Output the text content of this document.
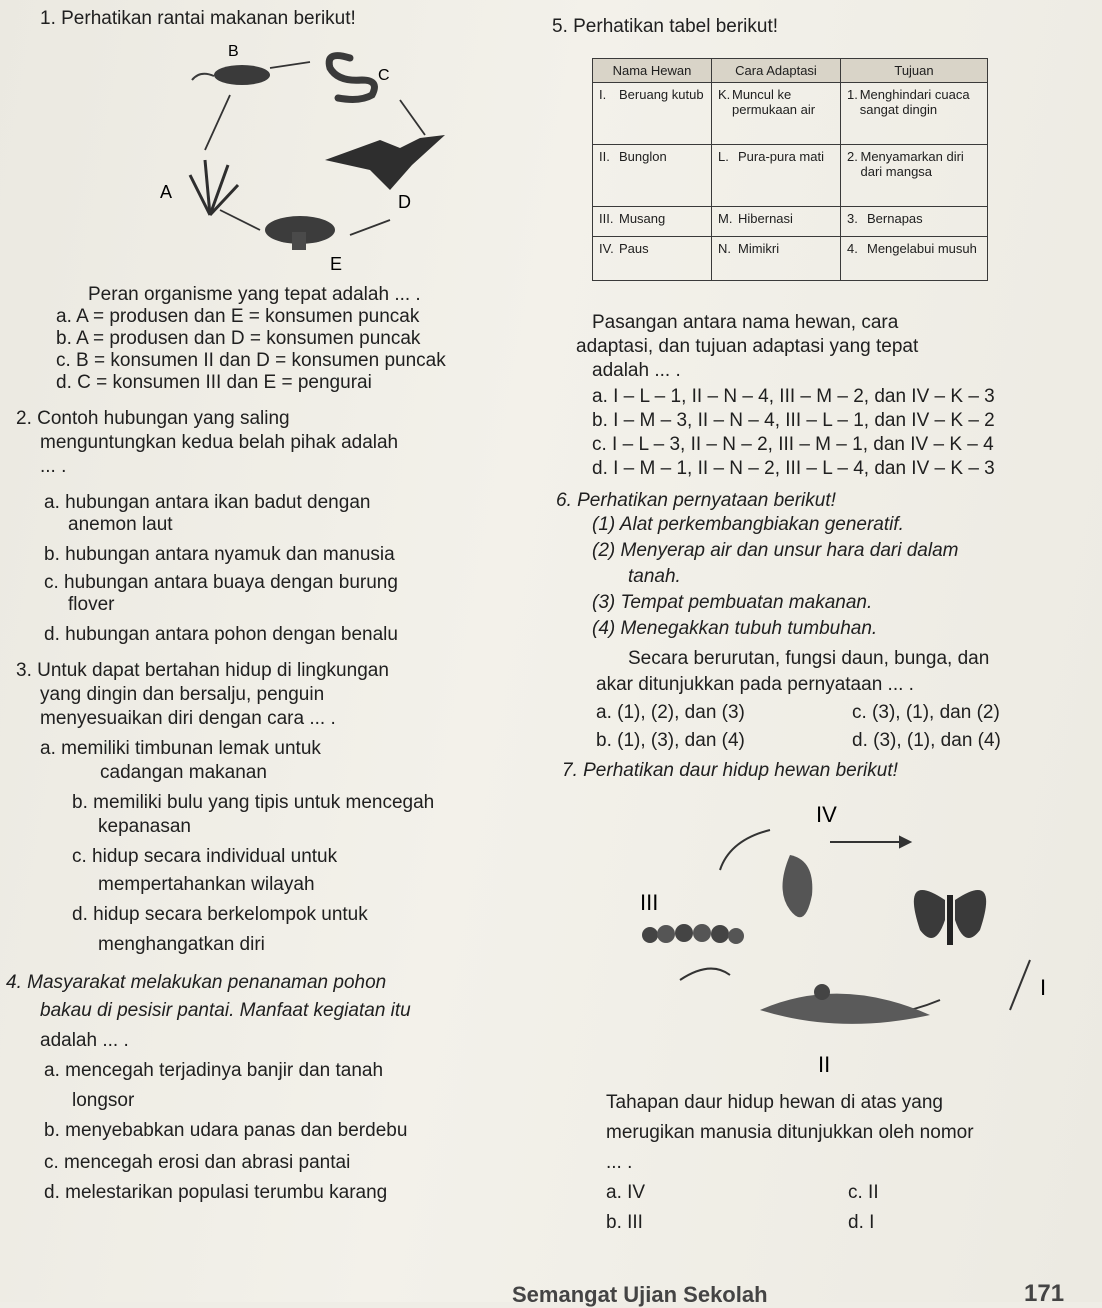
1. Perhatikan rantai makanan berikut!
B
C
A	D
E
Peran organisme yang tepat adalah ... .
a. A = produsen dan E = konsumen puncak
b. A = produsen dan D = konsumen puncak
c. B = konsumen II dan D = konsumen puncak
d. C = konsumen III dan E = pengurai
2. Contoh hubungan yang saling
menguntungkan kedua belah pihak adalah
... .
a. hubungan antara ikan badut dengan
anemon laut
b. hubungan antara nyamuk dan manusia
c. hubungan antara buaya dengan burung
flover
d. hubungan antara pohon dengan benalu
3. Untuk dapat bertahan hidup di lingkungan
yang dingin dan bersalju, penguin
menyesuaikan diri dengan cara ... .
a. memiliki timbunan lemak untuk
cadangan makanan
b. memiliki bulu yang tipis untuk mencegah
kepanasan
c. hidup secara individual untuk
mempertahankan wilayah
d. hidup secara berkelompok untuk
menghangatkan diri
4. Masyarakat melakukan penanaman pohon
bakau di pesisir pantai. Manfaat kegiatan itu
adalah ... .
a. mencegah terjadinya banjir dan tanah
longsor
b. menyebabkan udara panas dan berdebu
c. mencegah erosi dan abrasi pantai
d. melestarikan populasi terumbu karang
5. Perhatikan tabel berikut!
Nama Hewan	Cara Adaptasi	Tujuan

I. Beruang kutub	K. Muncul ke permukaan air	1. Menghindari cuaca sangat dingin

II. Bunglon	L. Pura-pura mati	2. Menyamarkan diri dari mangsa

III. Musang	M. Hibernasi	3. Bernapas

IV. Paus	N. Mimikri	4. Mengelabui musuh
Pasangan antara nama hewan, cara
adaptasi, dan tujuan adaptasi yang tepat
adalah ... .
a. I – L – 1, II – N – 4, III – M – 2, dan IV – K – 3
b. I – M – 3, II – N – 4, III – L – 1, dan IV – K – 2
c. I – L – 3, II – N – 2, III – M – 1, dan IV – K – 4
d. I – M – 1, II – N – 2, III – L – 4, dan IV – K – 3
6. Perhatikan pernyataan berikut!
(1) Alat perkembangbiakan generatif.
(2) Menyerap air dan unsur hara dari dalam
tanah.
(3) Tempat pembuatan makanan.
(4) Menegakkan tubuh tumbuhan.
Secara berurutan, fungsi daun, bunga, dan
akar ditunjukkan pada pernyataan ... .
a. (1), (2), dan (3)
b. (1), (3), dan (4)
c. (3), (1), dan (2)
d. (3), (1), dan (4)
7. Perhatikan daur hidup hewan berikut!
IV
III
II
I
Tahapan daur hidup hewan di atas yang
merugikan manusia ditunjukkan oleh nomor
... .
a. IV
b. III
c. II
d. I
Semangat Ujian Sekolah	171
